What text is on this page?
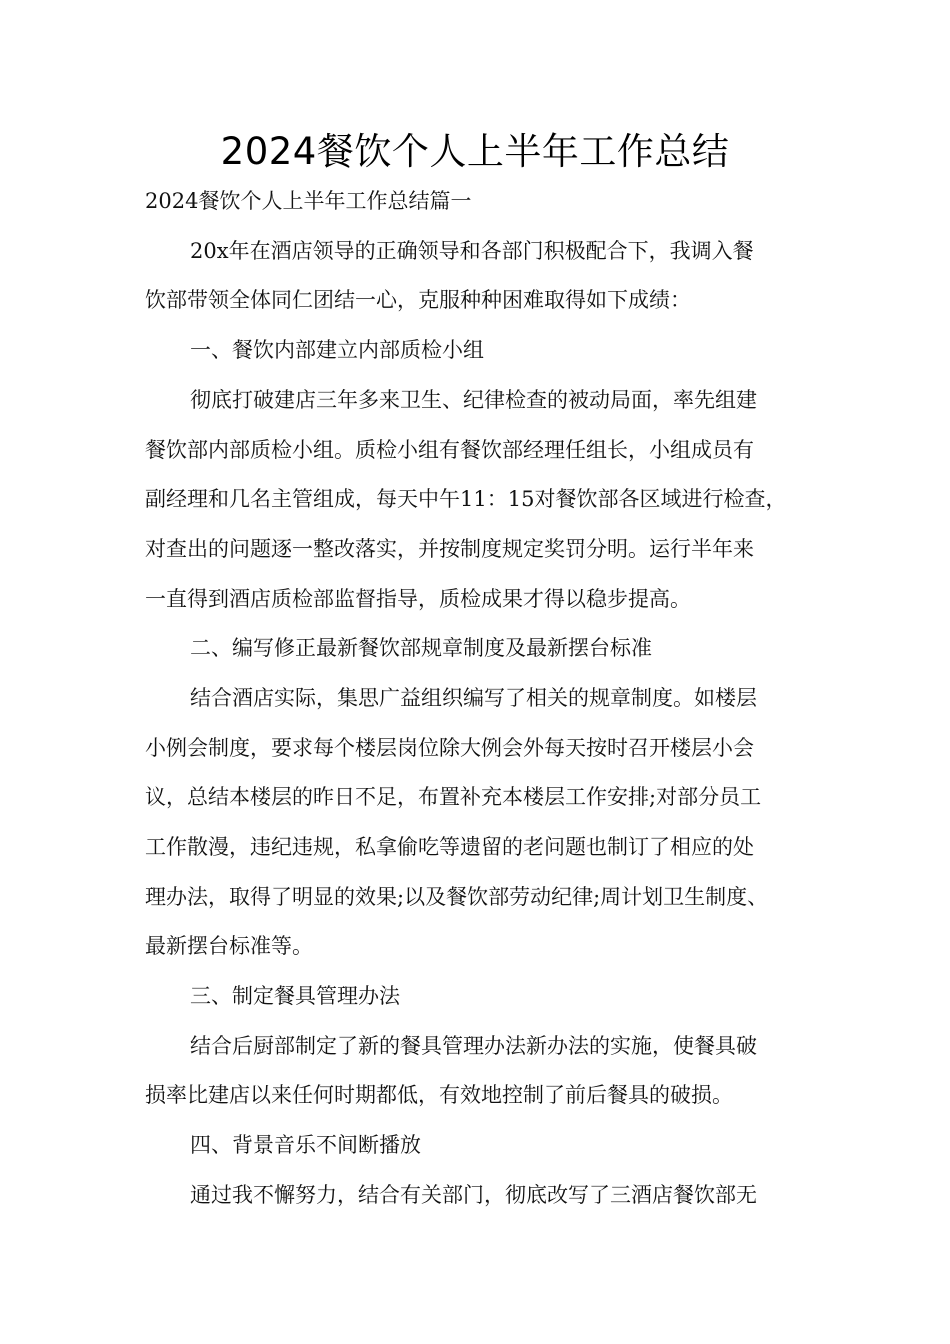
2024餐饮个人上半年工作总结
2024餐饮个人上半年工作总结篇一
20x年在酒店领导的正确领导和各部门积极配合下，我调入餐
饮部带领全体同仁团结一心，克服种种困难取得如下成绩：
一、餐饮内部建立内部质检小组
彻底打破建店三年多来卫生、纪律检查的被动局面，率先组建
餐饮部内部质检小组。质检小组有餐饮部经理任组长，小组成员有
副经理和几名主管组成，每天中午11：15对餐饮部各区域进行检查，
对查出的问题逐一整改落实，并按制度规定奖罚分明。运行半年来
一直得到酒店质检部监督指导，质检成果才得以稳步提高。
二、编写修正最新餐饮部规章制度及最新摆台标准
结合酒店实际，集思广益组织编写了相关的规章制度。如楼层
小例会制度，要求每个楼层岗位除大例会外每天按时召开楼层小会
议，总结本楼层的昨日不足，布置补充本楼层工作安排;对部分员工
工作散漫，违纪违规，私拿偷吃等遗留的老问题也制订了相应的处
理办法，取得了明显的效果;以及餐饮部劳动纪律;周计划卫生制度、
最新摆台标准等。
三、制定餐具管理办法
结合后厨部制定了新的餐具管理办法新办法的实施，使餐具破
损率比建店以来任何时期都低，有效地控制了前后餐具的破损。
四、背景音乐不间断播放
通过我不懈努力，结合有关部门，彻底改写了三酒店餐饮部无
